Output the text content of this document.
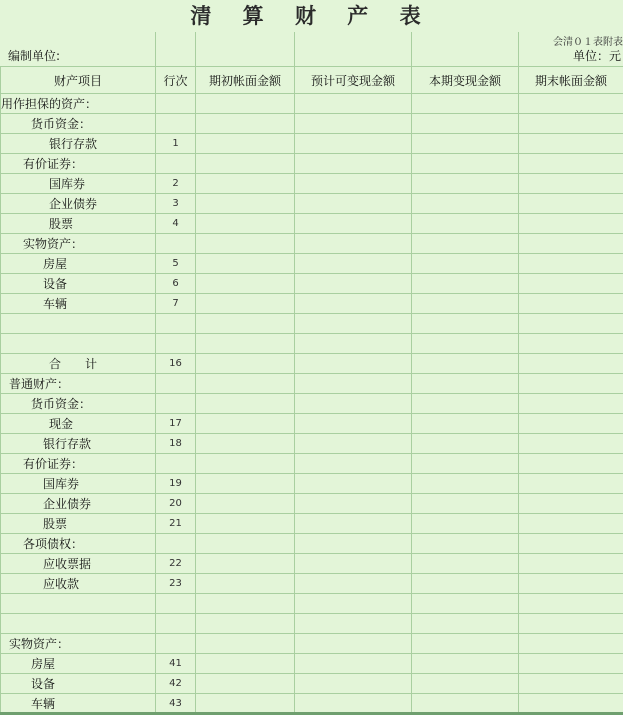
清 算 财 产 表
会清０１表附表
编制单位:	单位：元
财产项目	行次	期初帐面金额	预计可变现金额	本期变现金额	期末帐面金额
用作担保的资产：					
货币资金：					
银行存款	1				
有价证券：					
国库券	2				
企业债券	3				
股票	4				
实物资产：					
房屋	5				
设备	6				
车辆	7				

合　　计	16				
普通财产：					
货币资金：					
现金	17				
银行存款	18				
有价证券：					
国库券	19				
企业债券	20				
股票	21				
各项债权：					
应收票据	22				
应收款	23				

实物资产：					
房屋	41				
设备	42				
车辆	43				
